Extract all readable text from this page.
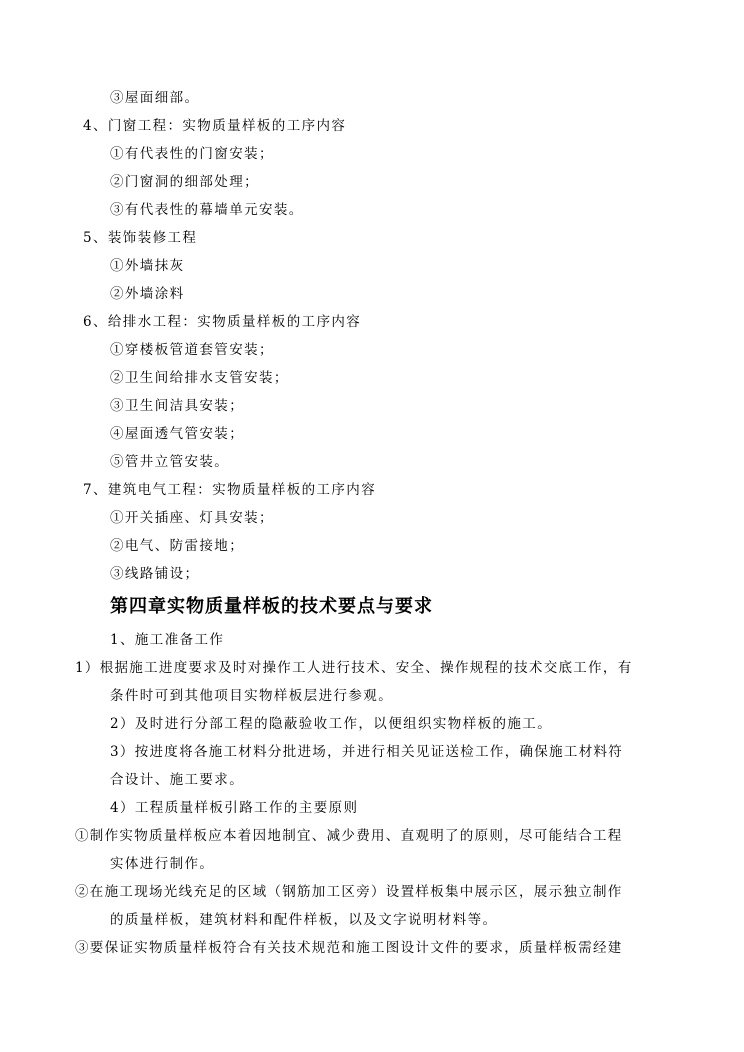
③屋面细部。
4、门窗工程：实物质量样板的工序内容
①有代表性的门窗安装；
②门窗洞的细部处理；
③有代表性的幕墙单元安装。
5、装饰装修工程
①外墙抹灰
②外墙涂料
6、给排水工程：实物质量样板的工序内容
①穿楼板管道套管安装；
②卫生间给排水支管安装；
③卫生间洁具安装；
④屋面透气管安装；
⑤管井立管安装。
7、建筑电气工程：实物质量样板的工序内容
①开关插座、灯具安装；
②电气、防雷接地；
③线路铺设；
第四章实物质量样板的技术要点与要求
1、施工准备工作
1）根据施工进度要求及时对操作工人进行技术、安全、操作规程的技术交底工作，有
条件时可到其他项目实物样板层进行参观。
2）及时进行分部工程的隐蔽验收工作，以便组织实物样板的施工。
3）按进度将各施工材料分批进场，并进行相关见证送检工作，确保施工材料符
合设计、施工要求。
4）工程质量样板引路工作的主要原则
①制作实物质量样板应本着因地制宜、减少费用、直观明了的原则，尽可能结合工程
实体进行制作。
②在施工现场光线充足的区域（钢筋加工区旁）设置样板集中展示区，展示独立制作
的质量样板，建筑材料和配件样板，以及文字说明材料等。
③要保证实物质量样板符合有关技术规范和施工图设计文件的要求，质量样板需经建
